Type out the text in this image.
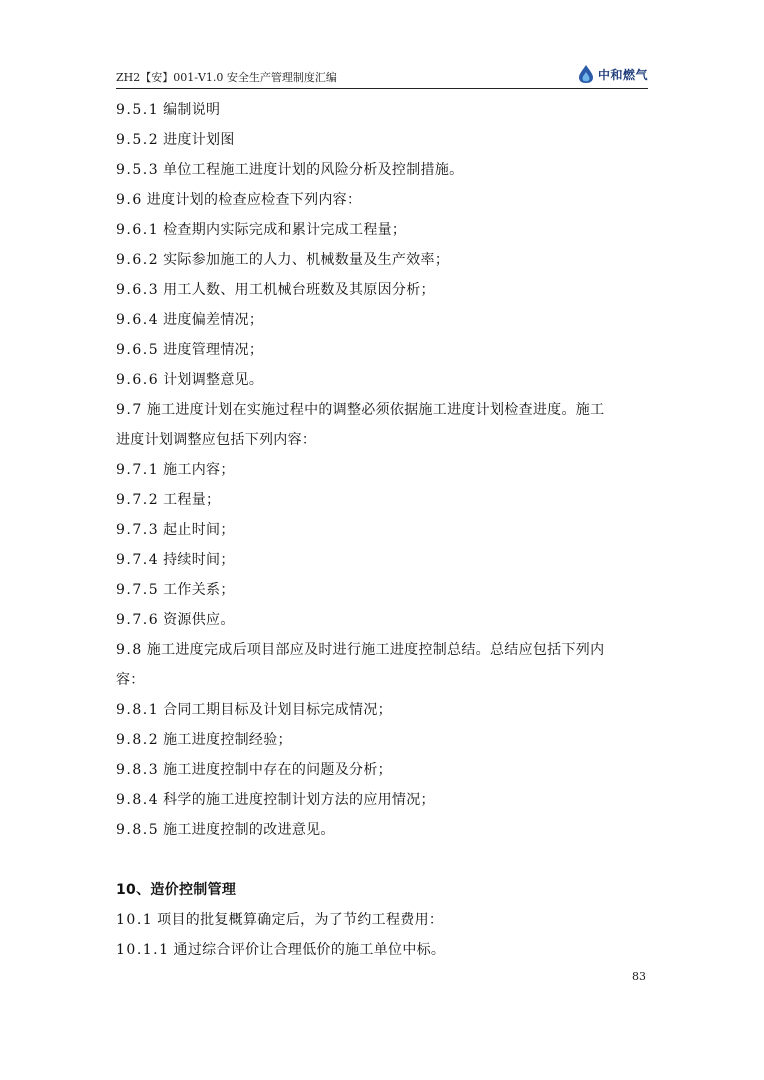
ZH2【安】001-V1.0 安全生产管理制度汇编	中和燃气
9.5.1 编制说明
9.5.2 进度计划图
9.5.3 单位工程施工进度计划的风险分析及控制措施。
9.6 进度计划的检查应检查下列内容：
9.6.1 检查期内实际完成和累计完成工程量；
9.6.2 实际参加施工的人力、机械数量及生产效率；
9.6.3 用工人数、用工机械台班数及其原因分析；
9.6.4 进度偏差情况；
9.6.5 进度管理情况；
9.6.6 计划调整意见。
9.7 施工进度计划在实施过程中的调整必须依据施工进度计划检查进度。施工
进度计划调整应包括下列内容：
9.7.1 施工内容；
9.7.2 工程量；
9.7.3 起止时间；
9.7.4 持续时间；
9.7.5 工作关系；
9.7.6 资源供应。
9.8 施工进度完成后项目部应及时进行施工进度控制总结。总结应包括下列内
容：
9.8.1 合同工期目标及计划目标完成情况；
9.8.2 施工进度控制经验；
9.8.3 施工进度控制中存在的问题及分析；
9.8.4 科学的施工进度控制计划方法的应用情况；
9.8.5 施工进度控制的改进意见。
10、造价控制管理
10.1 项目的批复概算确定后，为了节约工程费用：
10.1.1 通过综合评价让合理低价的施工单位中标。
83
